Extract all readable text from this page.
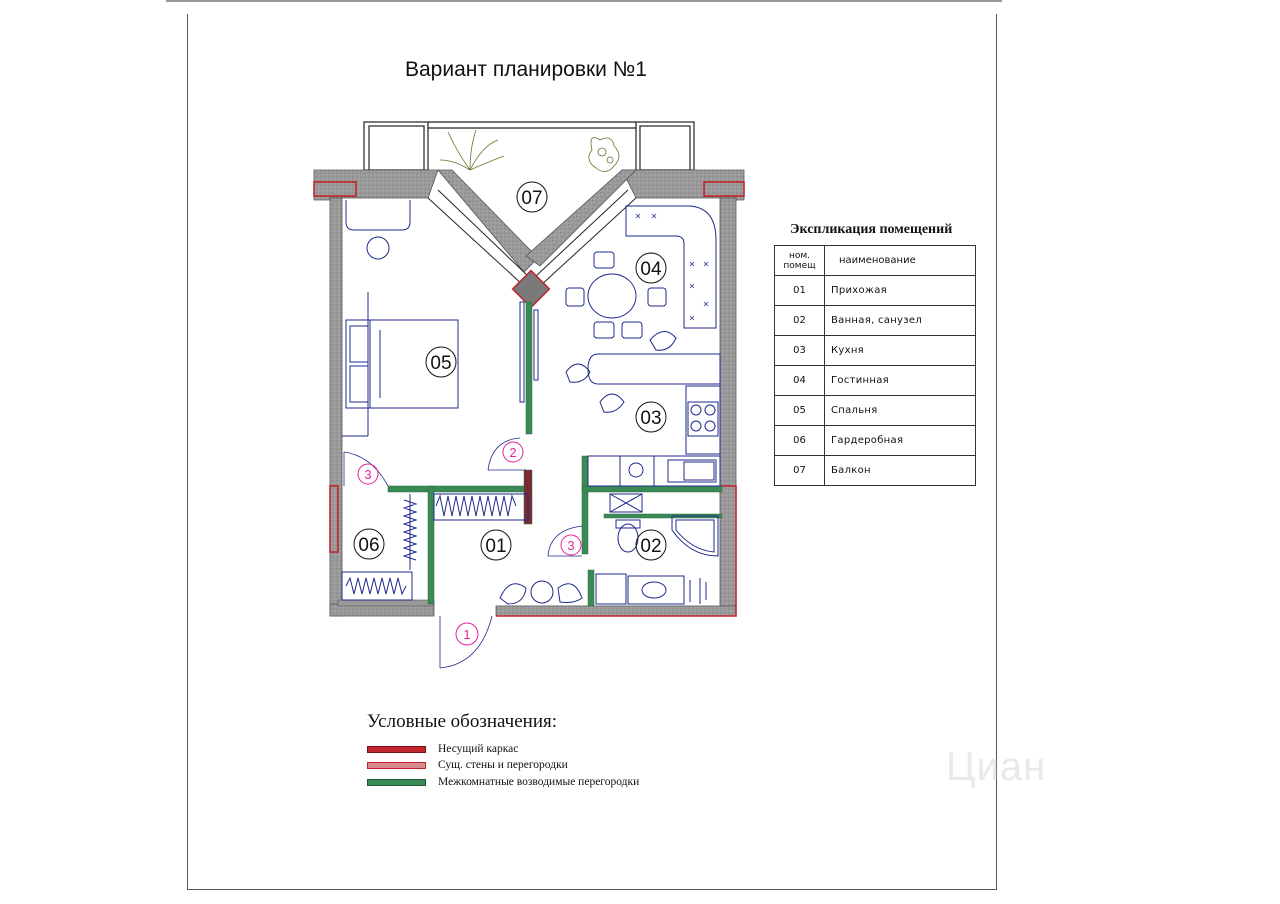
Вариант планировки №1
07
04
05
03
06	01	02
1
2
3
3
Экспликация помещений
ном.
помещ	наименование
01	Прихожая
02	Ванная, санузел
03	Кухня
04	Гостинная
05	Спальня
06	Гардеробная
07	Балкон
Условные обозначения:
Несущий каркас
Сущ. стены и перегородки
Межкомнатные возводимые перегородки	Циан
